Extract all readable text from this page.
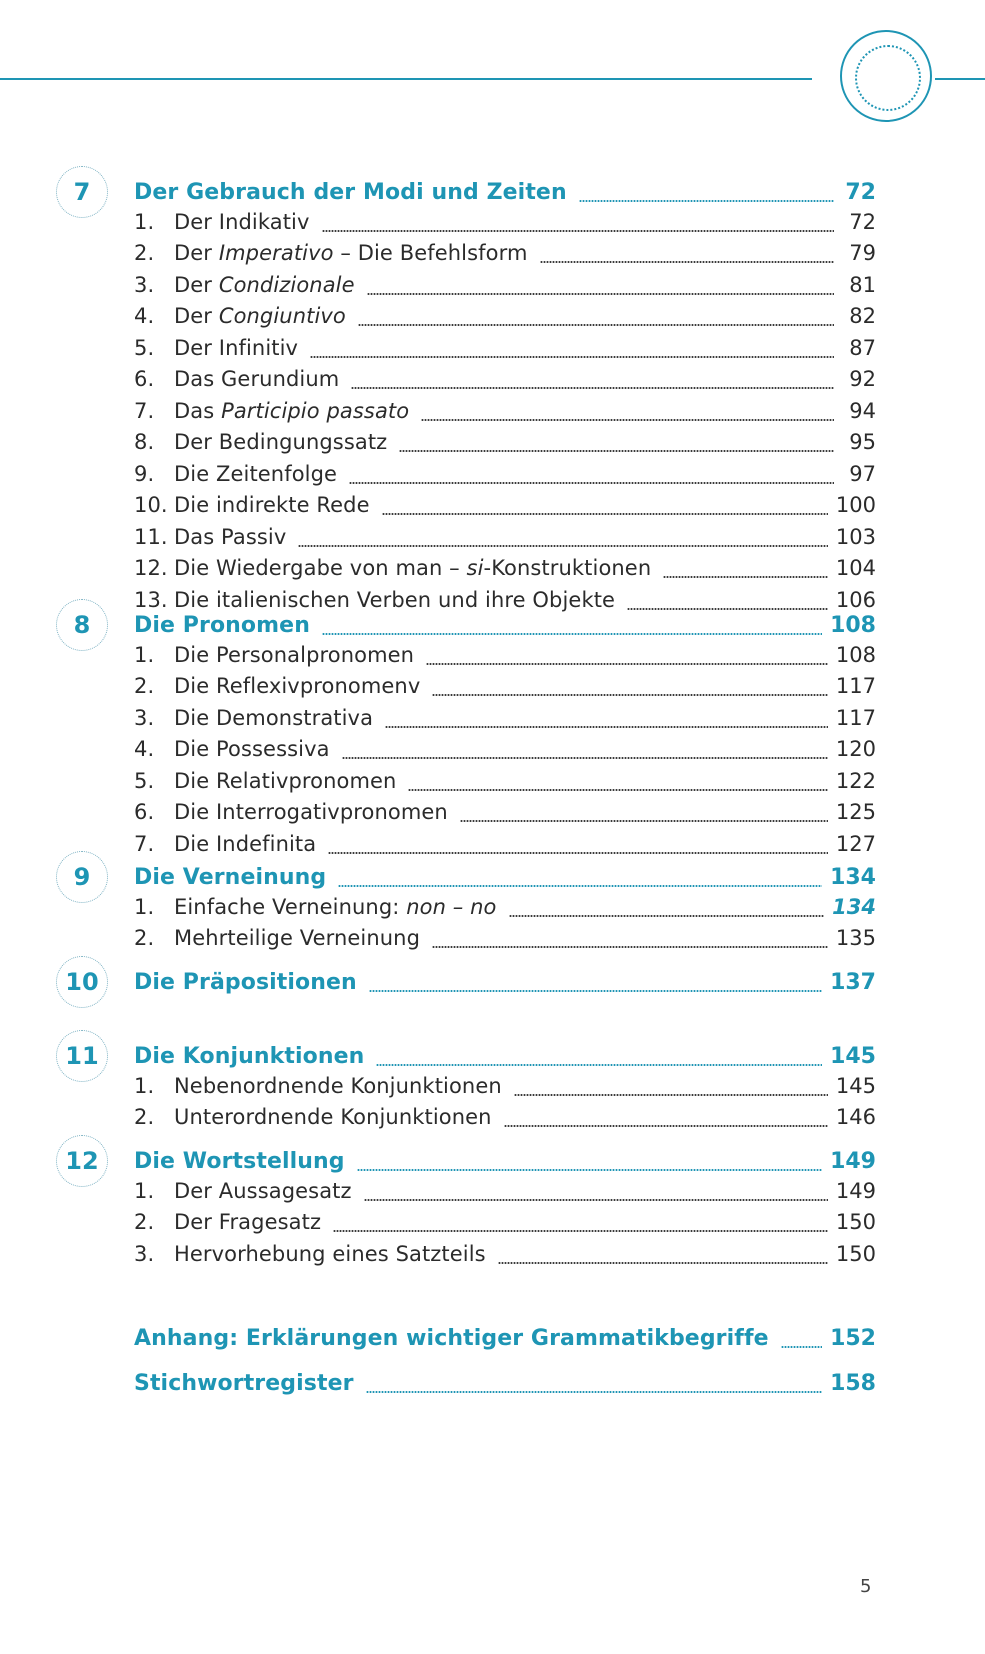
7	Der Gebrauch der Modi und Zeiten	72
1. Der Indikativ	72
2. Der Imperativo – Die Befehlsform	79
3. Der Condizionale	81
4. Der Congiuntivo	82
5. Der Infinitiv	87
6. Das Gerundium	92
7. Das Participio passato	94
8. Der Bedingungssatz	95
9. Die Zeitenfolge	97
10. Die indirekte Rede	100
11. Das Passiv	103
12. Die Wiedergabe von man – si-Konstruktionen	104
13. Die italienischen Verben und ihre Objekte	106
8	Die Pronomen	108
1. Die Personalpronomen	108
2. Die Reflexivpronomenv	117
3. Die Demonstrativa	117
4. Die Possessiva	120
5. Die Relativpronomen	122
6. Die Interrogativpronomen	125
7. Die Indefinita	127
9	Die Verneinung	134
1. Einfache Verneinung: non – no	134
2. Mehrteilige Verneinung	135
10	Die Präpositionen	137
11	Die Konjunktionen	145
1. Nebenordnende Konjunktionen	145
2. Unterordnende Konjunktionen	146
12	Die Wortstellung	149
1. Der Aussagesatz	149
2. Der Fragesatz	150
3. Hervorhebung eines Satzteils	150
Anhang: Erklärungen wichtiger Grammatikbegriffe	152
Stichwortregister	158
5
